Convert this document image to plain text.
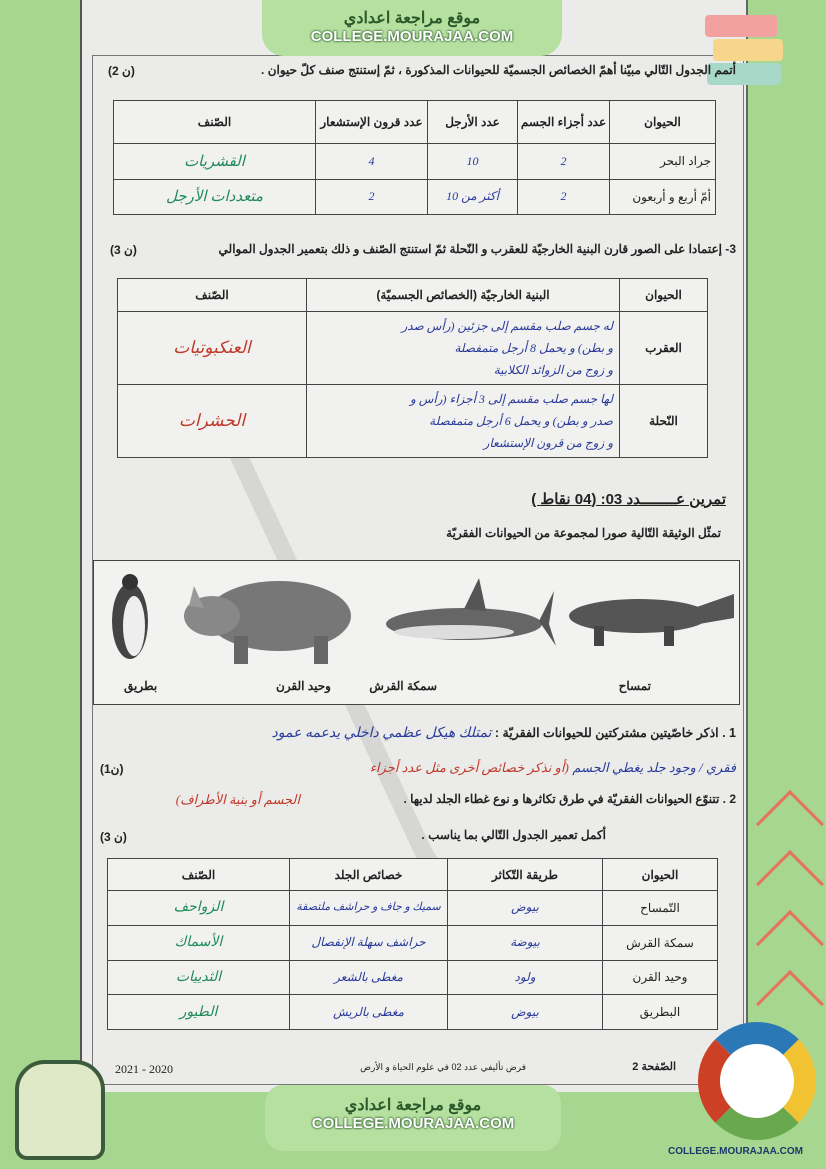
موقع مراجعة اعدادي
COLLEGE.MOURAJAA.COM
أتمم الجدول التّالي مبيّنا أهمّ الخصائص الجسميّة للحيوانات المذكورة ، ثمّ إستنتج صنف كلّ حيوان .
(2 ن)
الحيوان	عدد أجزاء الجسم	عدد الأرجل	عدد قرون الإستشعار	الصّنف
جراد البحر	2	10	4	القشريات
أمّ أربع و أربعون	2	أكثر من 10	2	متعددات الأرجل
3- إعتمادا على الصور قارن البنية الخارجيّة للعقرب و النّحلة ثمّ استنتج الصّنف و ذلك بتعمير الجدول الموالي
(3 ن)
الحيوان	البنية الخارجيّة (الخصائص الجسميّة)	الصّنف
العقرب	له جسم صلب مقسم إلى جزئين (رأس صدر
و بطن) و يحمل 8 أرجل متمفصلة
و زوج من الزوائد الكلابية	العنكبوتيات
النّحلة	لها جسم صلب مقسم إلى 3 أجزاء (رأس و
صدر و بطن) و يحمل 6 أرجل متمفصلة
و زوج من قرون الإستشعار	الحشرات
تمرين عــــــــدد 03: (04 نقاط )
تمثّل الوثيقة التّالية صورا لمجموعة من الحيوانات الفقريّة
تمساح
سمكة القرش
وحيد القرن
بطريق
1 . اذكر خاصّيتين مشتركتين للحيوانات الفقريّة : تمتلك هيكل عظمي داخلي يدعمه عمود
فقري / وجود جلد يغطي الجسم (أو نذكر خصائص أخرى مثل عدد أجزاء
(1ن)
2 . تتنوّع الحيوانات الفقريّة في طرق تكاثرها و نوع غطاء الجلد لديها .
الجسم أو بنية الأطراف)
أكمل تعمير الجدول التّالي بما يناسب .
(3 ن)
الحيوان	طريقة التّكاثر	خصائص الجلد	الصّنف
التّمساح	بيوض	سميك و جاف و حراشف ملتصقة	الزواحف
سمكة القرش	بيوضة	حراشف سهلة الإنفصال	الأسماك
وحيد القرن	ولود	مغطى بالشعر	الثدييات
البطريق	بيوض	مغطى بالريش	الطيور
الصّفحة 2
فرض تأليفي عدد 02 في علوم الحياة و الأرض
2021 - 2020
موقع مراجعة اعدادي
COLLEGE.MOURAJAA.COM
COLLEGE.MOURAJAA.COM
